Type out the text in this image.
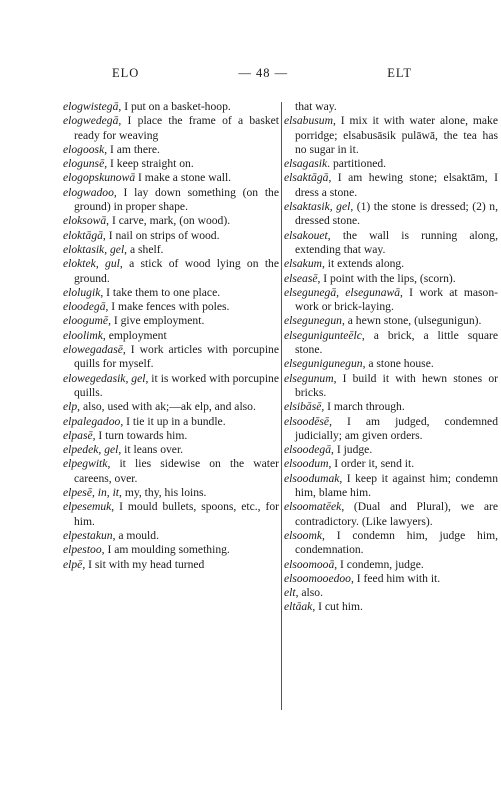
ELO	— 48 —	ELT

elogwistegā, I put on a basket-hoop.

elogwedegā, I place the frame of a basket ready for weaving

elogoosk, I am there.

elogunsē, I keep straight on.

elogopskunowā I make a stone wall.

elogwadoo, I lay down something (on the ground) in proper shape.

eloksowā, I carve, mark, (on wood).

eloktāgā, I nail on strips of wood.

eloktasik, gel, a shelf.

eloktek, gul, a stick of wood lying on the ground.

elolugik, I take them to one place.

eloodegā, I make fences with poles.

eloogumē, I give employment.

eloolimk, employment

elowegadasē, I work articles with porcupine quills for myself.

elowegedasik, gel, it is worked with porcupine quills.

elp, also, used with ak;—ak elp, and also.

elpalegadoo, I tie it up in a bundle.

elpasē, I turn towards him.

elpedek, gel, it leans over.

elpegwitk, it lies sidewise on the water careens, over.

elpesē, in, it, my, thy, his loins.

elpesemuk, I mould bullets, spoons, etc., for him.

elpestakun, a mould.

elpestoo, I am moulding something.

elpē, I sit with my head turned

that way.

elsabusum, I mix it with water alone, make porridge; elsabusāsik pulāwā, the tea has no sugar in it.

elsagasik. partitioned.

elsaktāgā, I am hewing stone; elsaktām, I dress a stone.

elsaktasik, gel, (1) the stone is dressed; (2) n, dressed stone.

elsakouet, the wall is running along, extending that way.

elsakum, it extends along.

elseasē, I point with the lips, (scorn).

elsegunegā, elsegunawā, I work at mason-work or brick-laying.

elsegunegun, a hewn stone, (ulsegunigun).

elsegunigunteēlc, a brick, a little square stone.

elsegunigunegun, a stone house.

elsegunum, I build it with hewn stones or bricks.

elsibāsē, I march through.

elsoodēsē, I am judged, condemned judicially; am given orders.

elsoodegā, I judge.

elsoodum, I order it, send it.

elsoodumak, I keep it against him; condemn him, blame him.

elsoomatēek, (Dual and Plural), we are contradictory. (Like lawyers).

elsoomk, I condemn him, judge him, condemnation.

elsoomooā, I condemn, judge.

elsoomooedoo, I feed him with it.

elt, also.

eltāak, I cut him.
